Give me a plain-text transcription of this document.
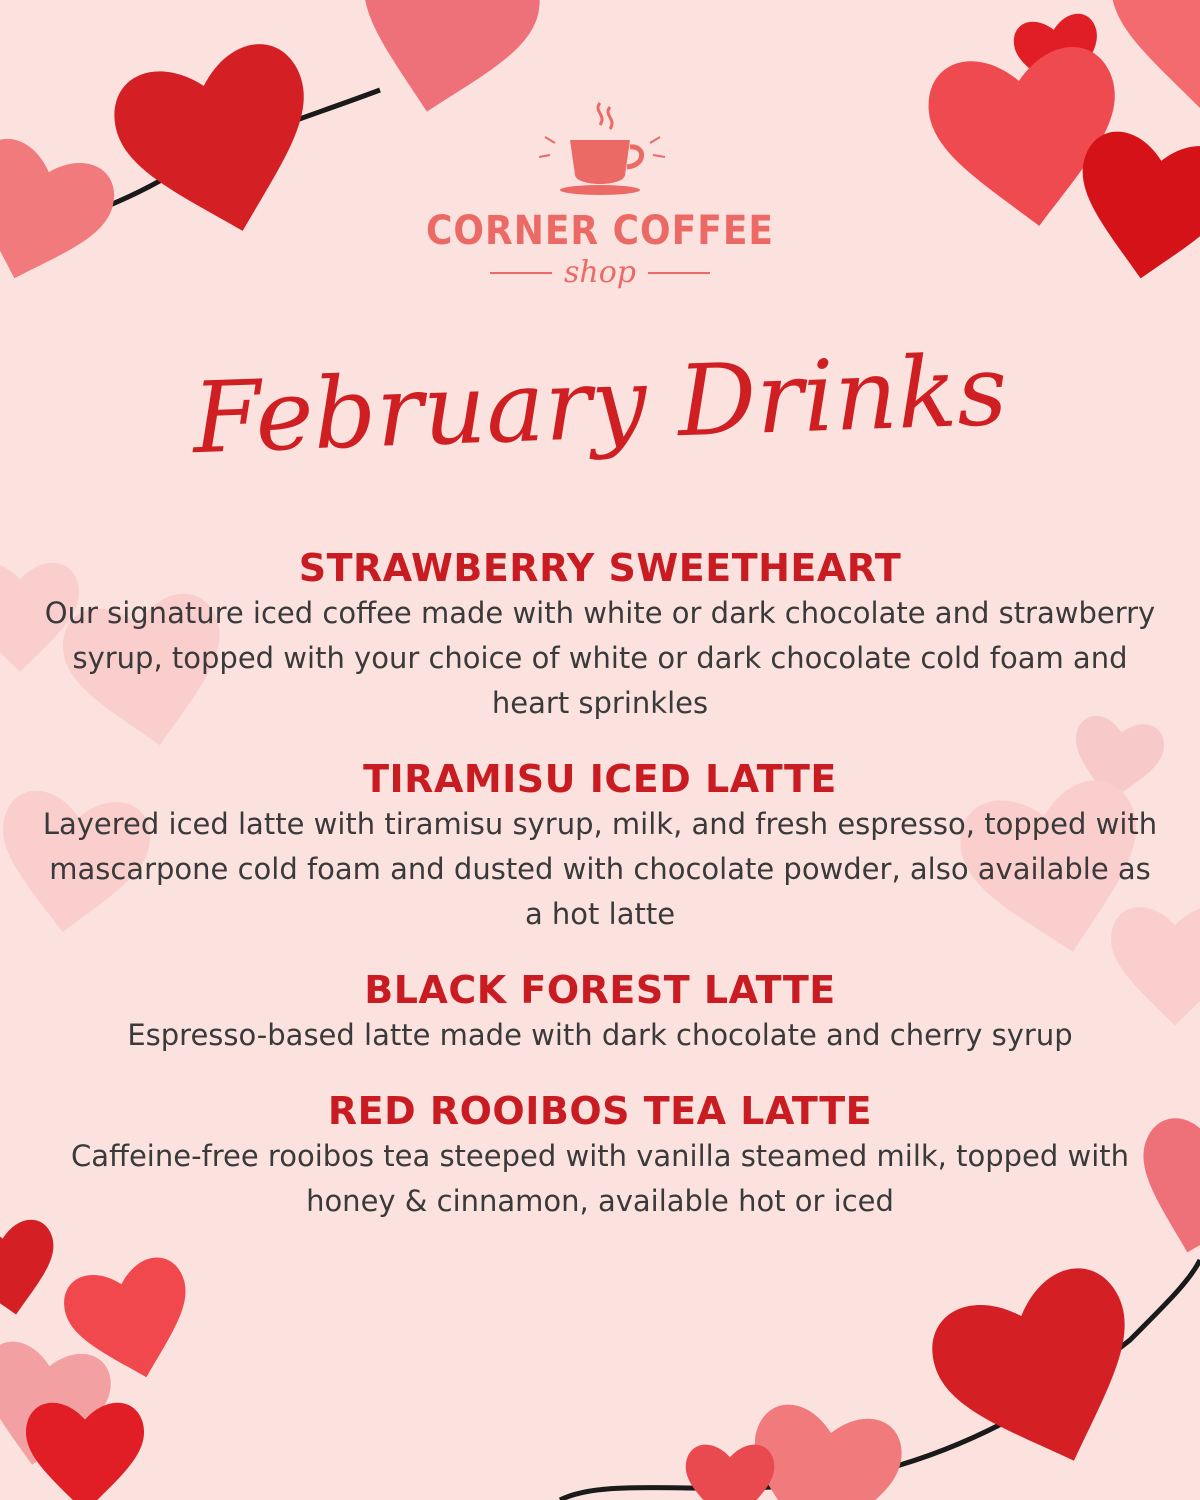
CORNER COFFEE
shop
February Drinks
STRAWBERRY SWEETHEART
Our signature iced coffee made with white or dark chocolate and strawberry syrup, topped with your choice of white or dark chocolate cold foam and heart sprinkles
TIRAMISU ICED LATTE
Layered iced latte with tiramisu syrup, milk, and fresh espresso, topped with mascarpone cold foam and dusted with chocolate powder, also available as a hot latte
BLACK FOREST LATTE
Espresso-based latte made with dark chocolate and cherry syrup
RED ROOIBOS TEA LATTE
Caffeine-free rooibos tea steeped with vanilla steamed milk, topped with honey & cinnamon, available hot or iced
